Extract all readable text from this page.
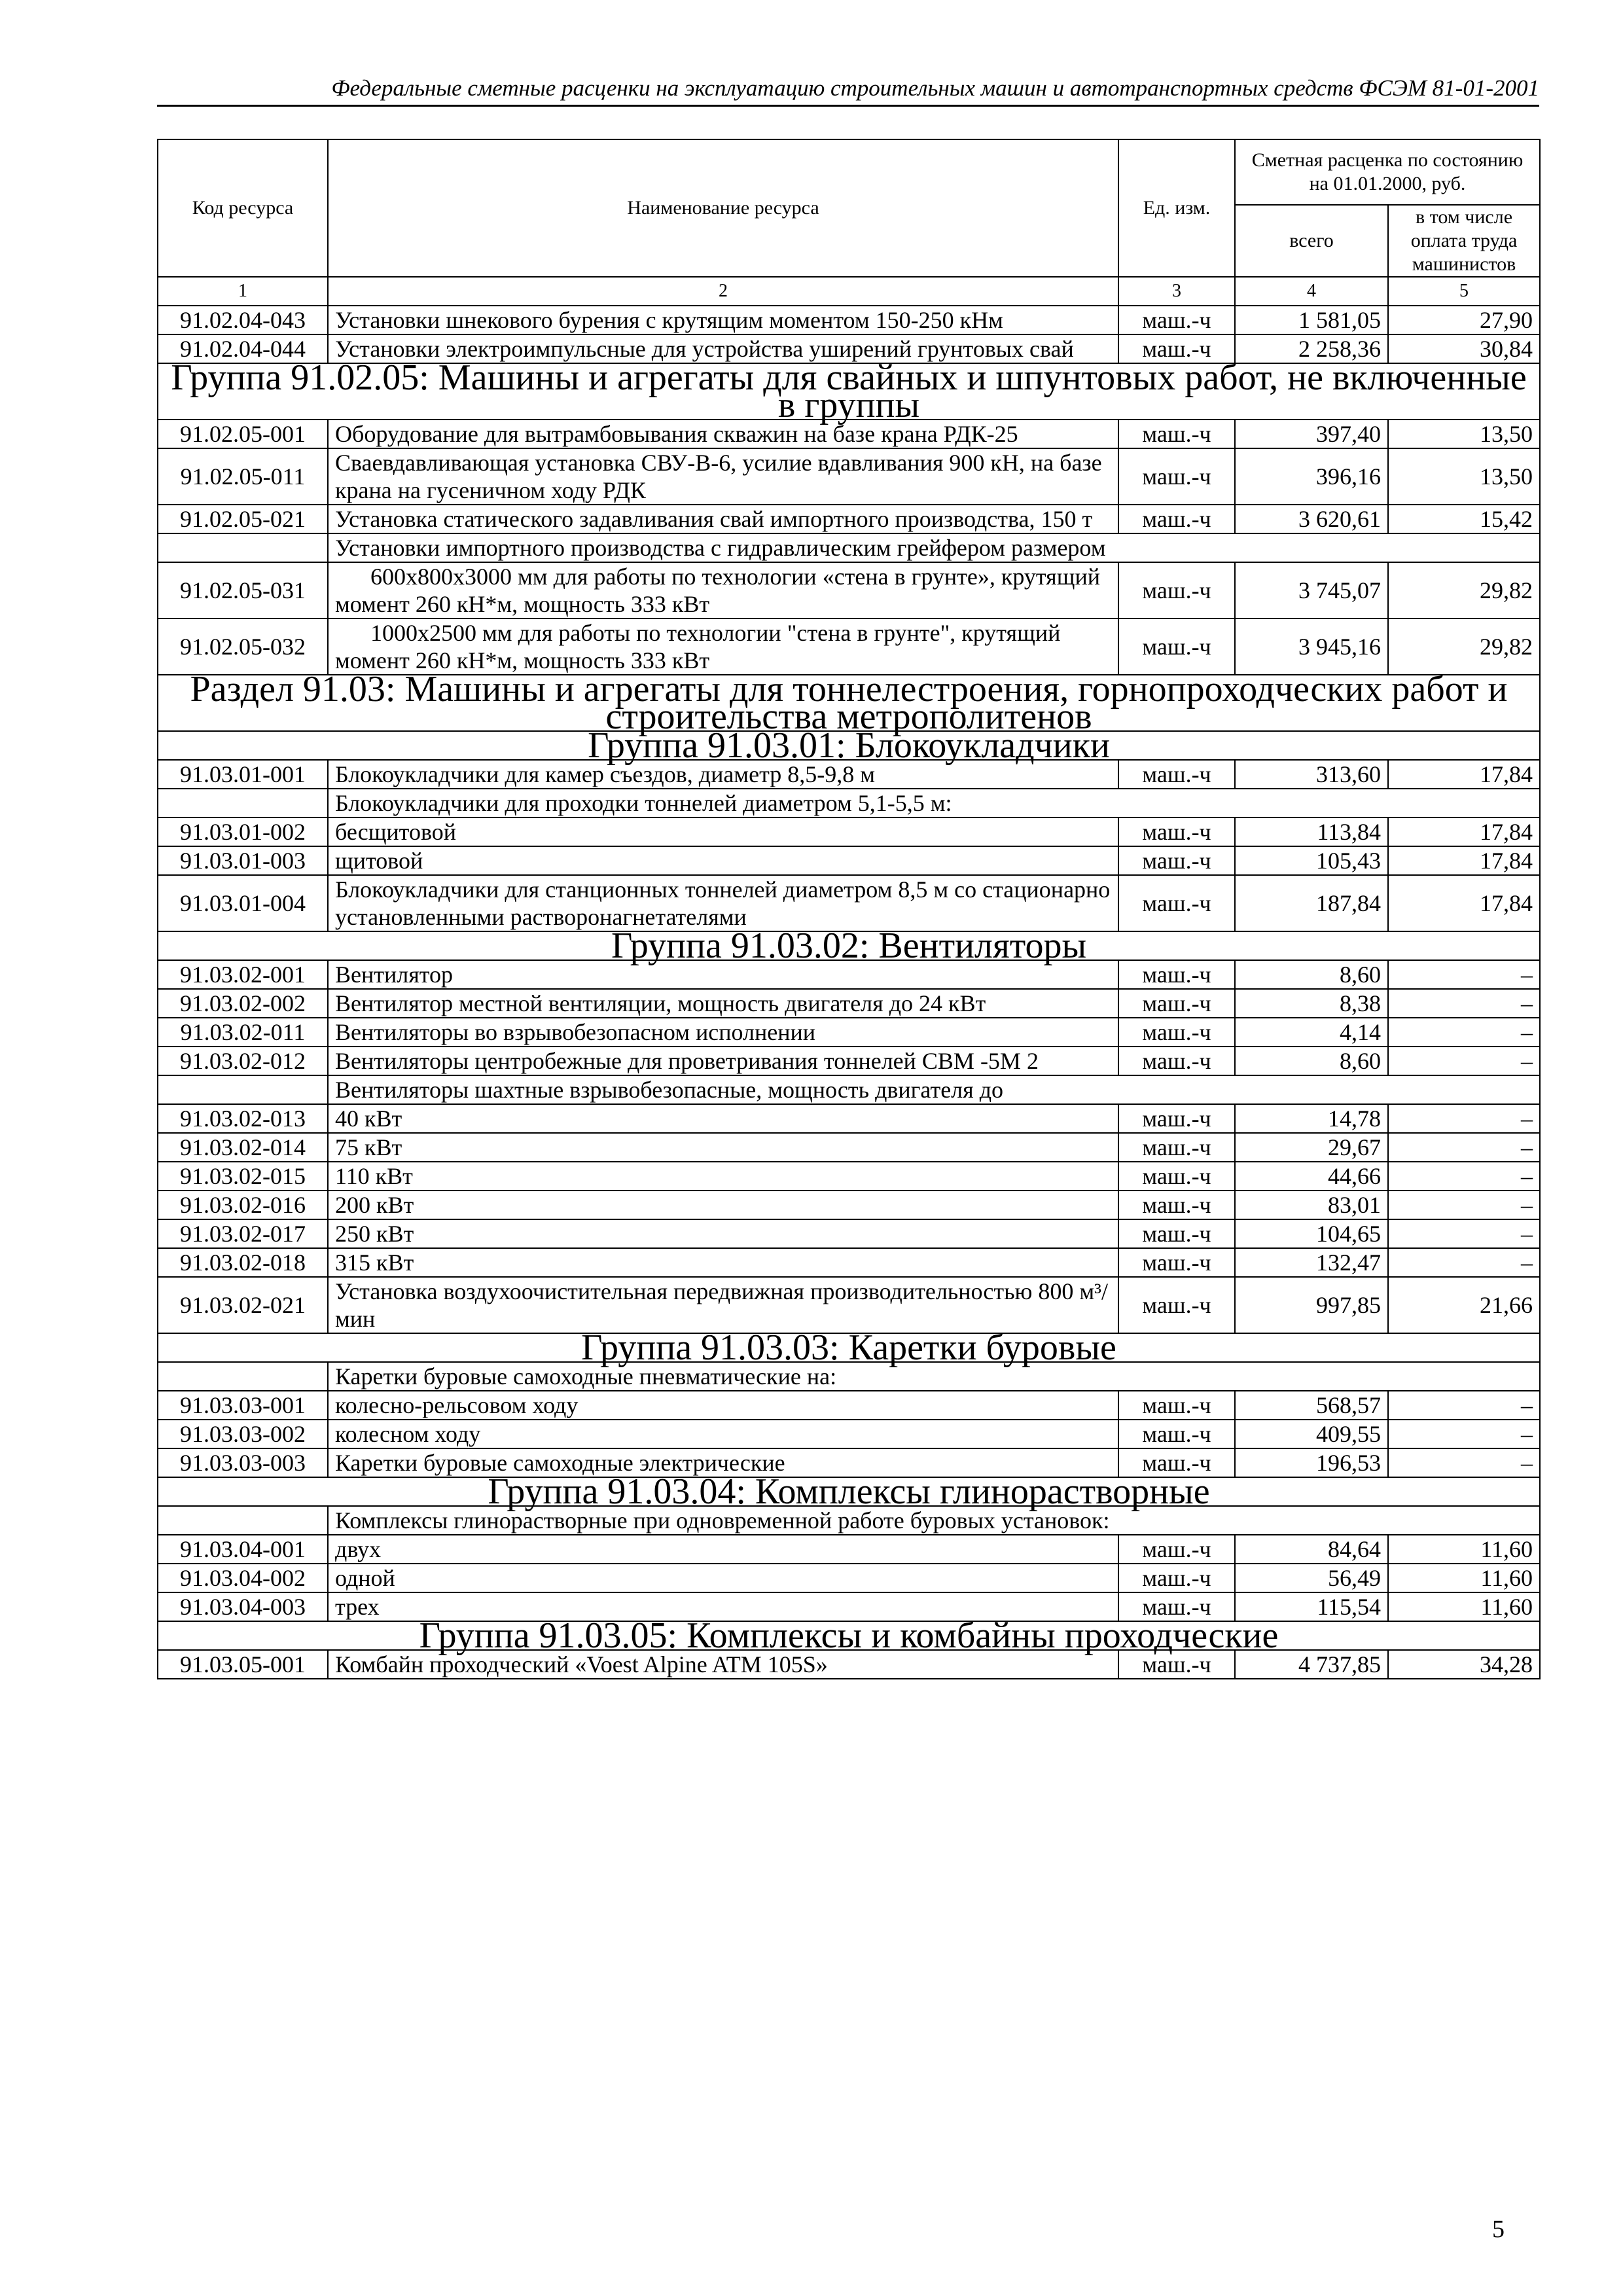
Федеральные сметные расценки на эксплуатацию строительных машин и автотранспортных средств ФСЭМ 81-01-2001
Код ресурса	Наименование ресурса	Ед. изм.	Сметная расценка по состоянию на 01.01.2000, руб.	
			всего	в том числе оплата труда машинистов
1	2	3	4	5
91.02.04-043	Установки шнекового бурения с крутящим моментом 150-250 кНм	маш.-ч	1 581,05	27,90
91.02.04-044	Установки электроимпульсные для устройства уширений грунтовых свай	маш.-ч	2 258,36	30,84
Группа 91.02.05: Машины и агрегаты для свайных и шпунтовых работ, не включенные в группы				
91.02.05-001	Оборудование для вытрамбовывания скважин на базе крана РДК-25	маш.-ч	397,40	13,50
91.02.05-011	Сваевдавливающая установка СВУ-В-6, усилие вдавливания 900 кН, на базе крана на гусеничном ходу РДК	маш.-ч	396,16	13,50
91.02.05-021	Установка статического задавливания свай импортного производства, 150 т	маш.-ч	3 620,61	15,42
	Установки импортного производства с гидравлическим грейфером размером			
91.02.05-031	600х800х3000 мм для работы по технологии «стена в грунте», крутящий момент 260 кН*м, мощность 333 кВт	маш.-ч	3 745,07	29,82
91.02.05-032	1000х2500 мм для работы по технологии "стена в грунте", крутящий момент 260 кН*м, мощность 333 кВт	маш.-ч	3 945,16	29,82
Раздел 91.03: Машины и агрегаты для тоннелестроения, горнопроходческих работ и строительства метрополитенов				
Группа 91.03.01: Блокоукладчики				
91.03.01-001	Блокоукладчики для камер съездов, диаметр 8,5-9,8 м	маш.-ч	313,60	17,84
	Блокоукладчики для проходки тоннелей диаметром 5,1-5,5 м:			
91.03.01-002	бесщитовой	маш.-ч	113,84	17,84
91.03.01-003	щитовой	маш.-ч	105,43	17,84
91.03.01-004	Блокоукладчики для станционных тоннелей диаметром 8,5 м со стационарно установленными растворонагнетателями	маш.-ч	187,84	17,84
Группа 91.03.02: Вентиляторы				
91.03.02-001	Вентилятор	маш.-ч	8,60	–
91.03.02-002	Вентилятор местной вентиляции, мощность двигателя до 24 кВт	маш.-ч	8,38	–
91.03.02-011	Вентиляторы во взрывобезопасном исполнении	маш.-ч	4,14	–
91.03.02-012	Вентиляторы центробежные для проветривания тоннелей СВМ -5М 2	маш.-ч	8,60	–
	Вентиляторы шахтные взрывобезопасные, мощность двигателя до			
91.03.02-013	40 кВт	маш.-ч	14,78	–
91.03.02-014	75 кВт	маш.-ч	29,67	–
91.03.02-015	110 кВт	маш.-ч	44,66	–
91.03.02-016	200 кВт	маш.-ч	83,01	–
91.03.02-017	250 кВт	маш.-ч	104,65	–
91.03.02-018	315 кВт	маш.-ч	132,47	–
91.03.02-021	Установка воздухоочистительная передвижная производительностью 800 м³/мин	маш.-ч	997,85	21,66
Группа 91.03.03: Каретки буровые				
	Каретки буровые самоходные пневматические на:			
91.03.03-001	колесно-рельсовом ходу	маш.-ч	568,57	–
91.03.03-002	колесном ходу	маш.-ч	409,55	–
91.03.03-003	Каретки буровые самоходные электрические	маш.-ч	196,53	–
Группа 91.03.04: Комплексы глинорастворные				
	Комплексы глинорастворные при одновременной работе буровых установок:			
91.03.04-001	двух	маш.-ч	84,64	11,60
91.03.04-002	одной	маш.-ч	56,49	11,60
91.03.04-003	трех	маш.-ч	115,54	11,60
Группа 91.03.05: Комплексы и комбайны проходческие				
91.03.05-001	Комбайн проходческий «Voest Alpine ATM 105S»	маш.-ч	4 737,85	34,28
5
